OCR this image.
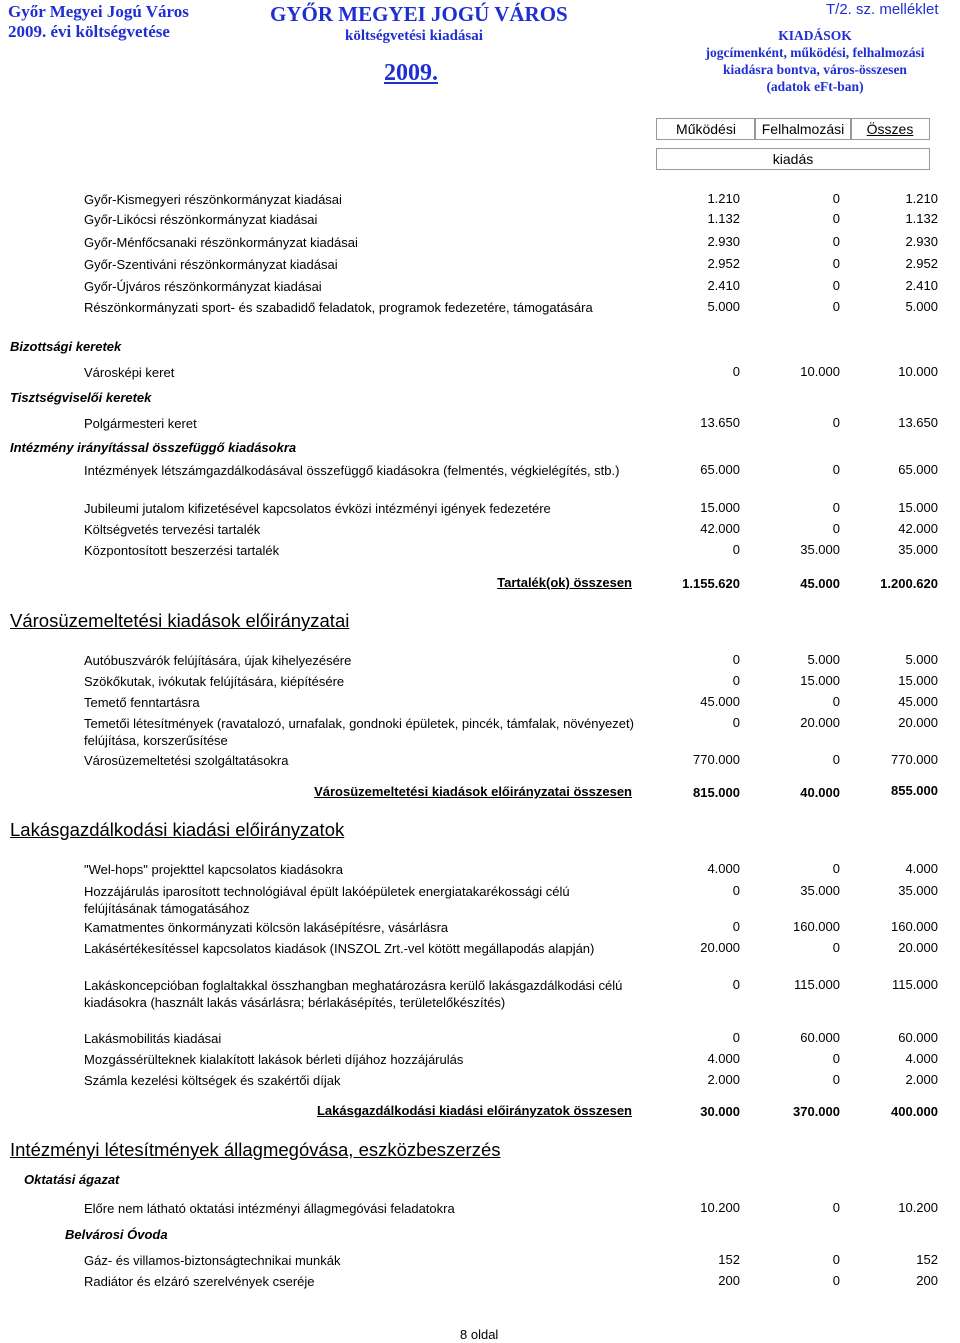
Győr Megyei Jogú Város
2009. évi költségvetése
GYŐR MEGYEI JOGÚ VÁROS
költségvetési kiadásai
2009.
T/2. sz. melléklet
KIADÁSOK
jogcímenként, működési, felhalmozási
kiadásra bontva, város-összesen
(adatok eFt-ban)
Működési	Felhalmozási	Összes
kiadás
Győr-Kismegyeri részönkormányzat kiadásai	1.210	0	1.210
Győr-Likócsi részönkormányzat kiadásai	1.132	0	1.132
Győr-Ménfőcsanaki részönkormányzat kiadásai	2.930	0	2.930
Győr-Szentiváni részönkormányzat kiadásai	2.952	0	2.952
Győr-Újváros részönkormányzat kiadásai	2.410	0	2.410
Részönkormányzati sport- és szabadidő feladatok, programok fedezetére, támogatására	5.000	0	5.000
Bizottsági keretek
Városképi keret	0	10.000	10.000
Tisztségviselői keretek
Polgármesteri keret	13.650	0	13.650
Intézmény irányítással összefüggő kiadásokra
Intézmények létszámgazdálkodásával összefüggő kiadásokra (felmentés, végkielégítés, stb.)	65.000	0	65.000
Jubileumi jutalom kifizetésével kapcsolatos évközi intézményi igények fedezetére	15.000	0	15.000
Költségvetés tervezési tartalék	42.000	0	42.000
Központosított beszerzési tartalék	0	35.000	35.000
Tartalék(ok) összesen	1.155.620	45.000	1.200.620
Városüzemeltetési kiadások előirányzatai
Autóbuszvárók felújítására, újak kihelyezésére	0	5.000	5.000
Szökőkutak, ivókutak felújítására, kiépítésére	0	15.000	15.000
Temető fenntartásra	45.000	0	45.000
Temetői létesítmények (ravatalozó, urnafalak, gondnoki épületek, pincék, támfalak, növényezet) felújítása, korszerűsítése
0	20.000	20.000
Városüzemeltetési szolgáltatásokra	770.000	0	770.000
Városüzemeltetési kiadások előirányzatai összesen	815.000	40.000	855.000
Lakásgazdálkodási kiadási előirányzatok
"Wel-hops" projekttel kapcsolatos kiadásokra	4.000	0	4.000
Hozzájárulás iparosított technológiával épült lakóépületek energiatakarékossági célú felújításának támogatásához
0	35.000	35.000
Kamatmentes önkormányzati kölcsön lakásépítésre, vásárlásra	0	160.000	160.000
Lakásértékesítéssel kapcsolatos kiadások (INSZOL Zrt.-vel kötött megállapodás alapján)	20.000	0	20.000
Lakáskoncepcióban foglaltakkal összhangban meghatározásra kerülő lakásgazdálkodási célú kiadásokra (használt lakás vásárlásra; bérlakásépítés, területelőkészítés)
0	115.000	115.000
Lakásmobilitás kiadásai	0	60.000	60.000
Mozgássérülteknek kialakított lakások bérleti díjához hozzájárulás	4.000	0	4.000
Számla kezelési költségek és szakértői díjak	2.000	0	2.000
Lakásgazdálkodási kiadási előirányzatok összesen	30.000	370.000	400.000
Intézményi létesítmények állagmegóvása, eszközbeszerzés
Oktatási ágazat
Előre nem látható oktatási intézményi állagmegóvási feladatokra	10.200	0	10.200
Belvárosi Óvoda
Gáz- és villamos-biztonságtechnikai munkák	152	0	152
Radiátor és elzáró szerelvények cseréje	200	0	200
8 oldal
